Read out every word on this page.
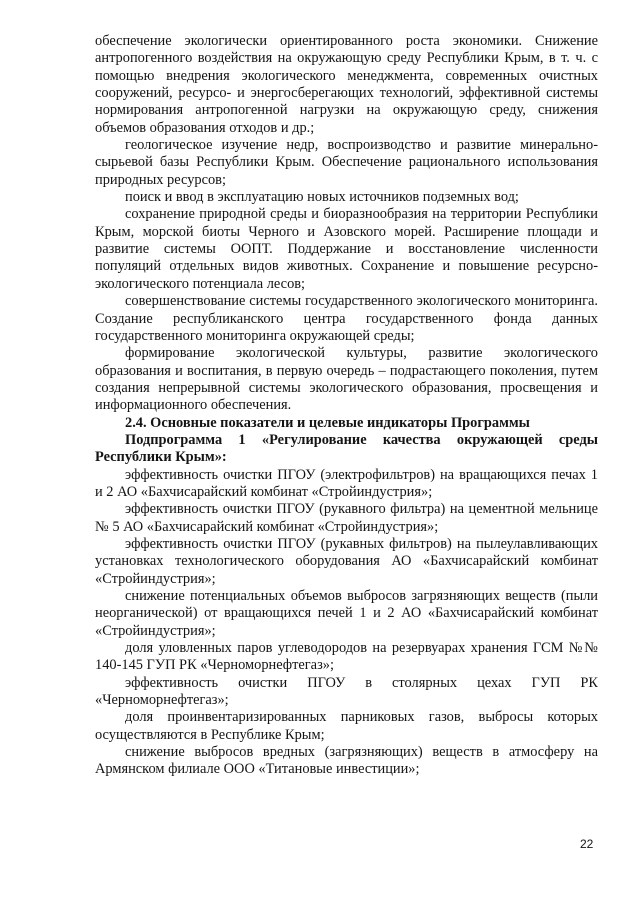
обеспечение экологически ориентированного роста экономики. Снижение антропогенного воздействия на окружающую среду Республики Крым, в т. ч. с помощью внедрения экологического менеджмента, современных очистных сооружений, ресурсо- и энергосберегающих технологий, эффективной системы нормирования антропогенной нагрузки на окружающую среду, снижения объемов образования отходов и др.;

геологическое изучение недр, воспроизводство и развитие минерально-сырьевой базы Республики Крым. Обеспечение рационального использования природных ресурсов;

поиск и ввод в эксплуатацию новых источников подземных вод;

сохранение природной среды и биоразнообразия на территории Республики Крым, морской биоты Черного и Азовского морей. Расширение площади и развитие системы ООПТ. Поддержание и восстановление численности популяций отдельных видов животных. Сохранение и повышение ресурсно-экологического потенциала лесов;

совершенствование системы государственного экологического мониторинга. Создание республиканского центра государственного фонда данных государственного мониторинга окружающей среды;

формирование экологической культуры, развитие экологического образования и воспитания, в первую очередь – подрастающего поколения, путем создания непрерывной системы экологического образования, просвещения и информационного обеспечения.

2.4. Основные показатели и целевые индикаторы Программы

Подпрограмма 1 «Регулирование качества окружающей среды Республики Крым»:

эффективность очистки ПГОУ (электрофильтров) на вращающихся печах 1 и 2 АО «Бахчисарайский комбинат «Стройиндустрия»;

эффективность очистки ПГОУ (рукавного фильтра) на цементной мельнице № 5 АО «Бахчисарайский комбинат «Стройиндустрия»;

эффективность очистки ПГОУ (рукавных фильтров) на пылеулавливающих установках технологического оборудования АО «Бахчисарайский комбинат «Стройиндустрия»;

снижение потенциальных объемов выбросов загрязняющих веществ (пыли неорганической) от вращающихся печей 1 и 2 АО «Бахчисарайский комбинат «Стройиндустрия»;

доля уловленных паров углеводородов на резервуарах хранения ГСМ №№ 140-145 ГУП РК «Черноморнефтегаз»;

эффективность очистки ПГОУ в столярных цехах ГУП РК «Черноморнефтегаз»;

доля проинвентаризированных парниковых газов, выбросы которых осуществляются в Республике Крым;

снижение выбросов вредных (загрязняющих) веществ в атмосферу на Армянском филиале ООО «Титановые инвестиции»;

22
